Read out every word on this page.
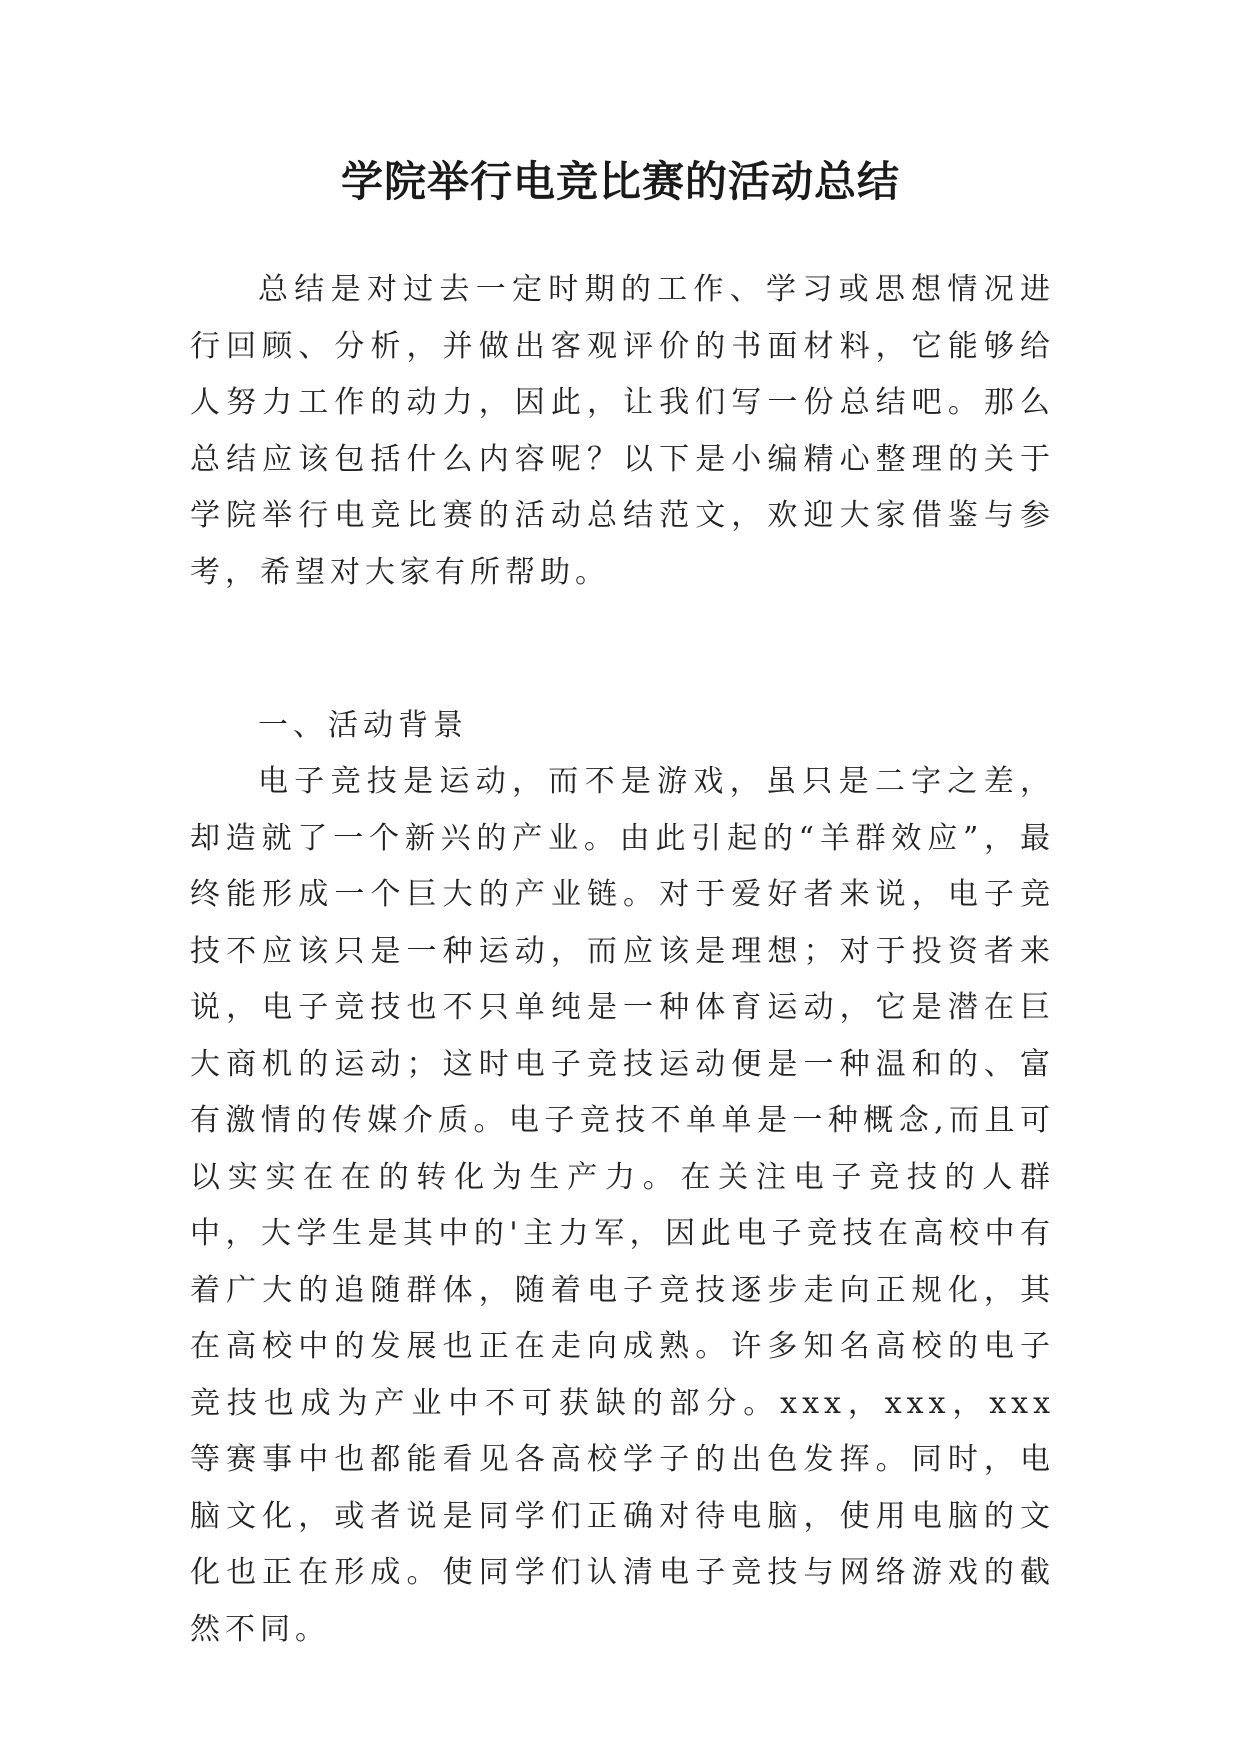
学院举行电竞比赛的活动总结

总结是对过去一定时期的工作、学习或思想情况进行回顾、分析，并做出客观评价的书面材料，它能够给人努力工作的动力，因此，让我们写一份总结吧。那么总结应该包括什么内容呢？以下是小编精心整理的关于学院举行电竞比赛的活动总结范文，欢迎大家借鉴与参考，希望对大家有所帮助。

一、活动背景

电子竞技是运动，而不是游戏，虽只是二字之差，却造就了一个新兴的产业。由此引起的“羊群效应”，最终能形成一个巨大的产业链。对于爱好者来说，电子竞技不应该只是一种运动，而应该是理想；对于投资者来说，电子竞技也不只单纯是一种体育运动，它是潜在巨大商机的运动；这时电子竞技运动便是一种温和的、富有激情的传媒介质。电子竞技不单单是一种概念,而且可以实实在在的转化为生产力。在关注电子竞技的人群中，大学生是其中的'主力军，因此电子竞技在高校中有着广大的追随群体，随着电子竞技逐步走向正规化，其在高校中的发展也正在走向成熟。许多知名高校的电子竞技也成为产业中不可获缺的部分。xxx，xxx，xxx 等赛事中也都能看见各高校学子的出色发挥。同时，电脑文化，或者说是同学们正确对待电脑，使用电脑的文化也正在形成。使同学们认清电子竞技与网络游戏的截然不同。
